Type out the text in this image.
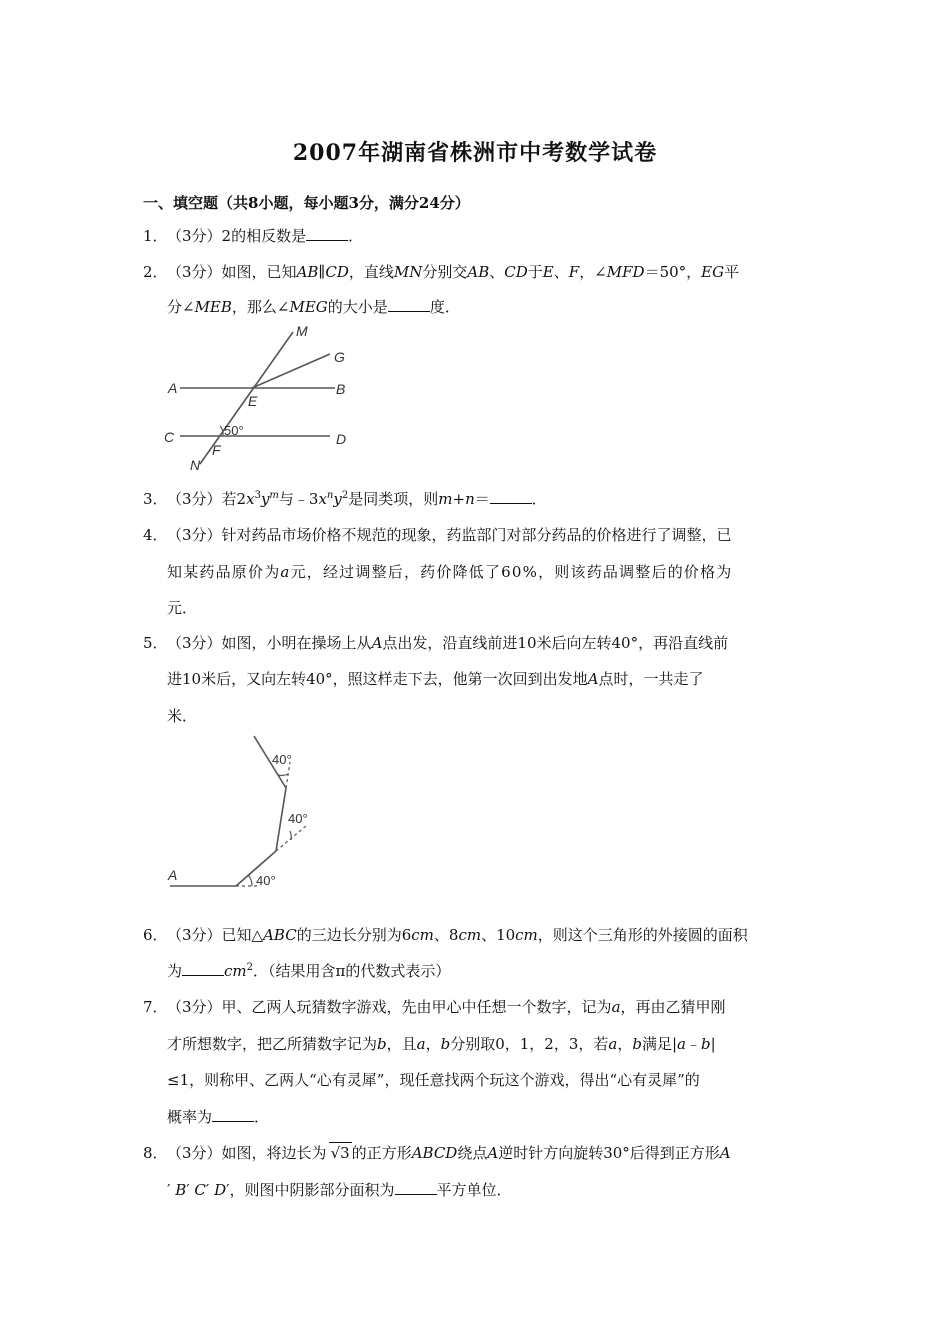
2007年湖南省株洲市中考数学试卷
一、填空题（共8小题，每小题3分，满分24分）
1．（3分）2的相反数是	．
2．（3分）如图，已知AB∥CD，直线MN分别交AB、CD于E、F，∠MFD＝50°，EG平
分∠MEB，那么∠MEG的大小是	度．
M
G
A	B
E
C	50°
D
F
N
3．（3分）若$2x^3y^m$与$﹣3x^ny^2$是同类项，则m+n＝	．
4．（3分）针对药品市场价格不规范的现象，药监部门对部分药品的价格进行了调整，已
知某药品原价为a元，经过调整后，药价降低了60%，则该药品调整后的价格为
元．
5．（3分）如图，小明在操场上从A点出发，沿直线前进10米后向左转40°，再沿直线前
进10米后，又向左转40°，照这样走下去，他第一次回到出发地A点时，一共走了
米．
A	40°
40°
40°
6．（3分）已知△ABC的三边长分别为6cm、8cm、10cm，则这个三角形的外接圆的面积
为	$cm^2$．（结果用含π的代数式表示）
7．（3分）甲、乙两人玩猜数字游戏，先由甲心中任想一个数字，记为a，再由乙猜甲刚
才所想数字，把乙所猜数字记为b，且a，b分别取0，1，2，3，若a，b满足|a﹣b|
≤1，则称甲、乙两人“心有灵犀”，现任意找两个玩这个游戏，得出“心有灵犀”的
概率为	．
8．（3分）如图，将边长为 √3 的正方形ABCD绕点A逆时针方向旋转30°后得到正方形A
′ B′ C′ D′，则图中阴影部分面积为	平方单位．
